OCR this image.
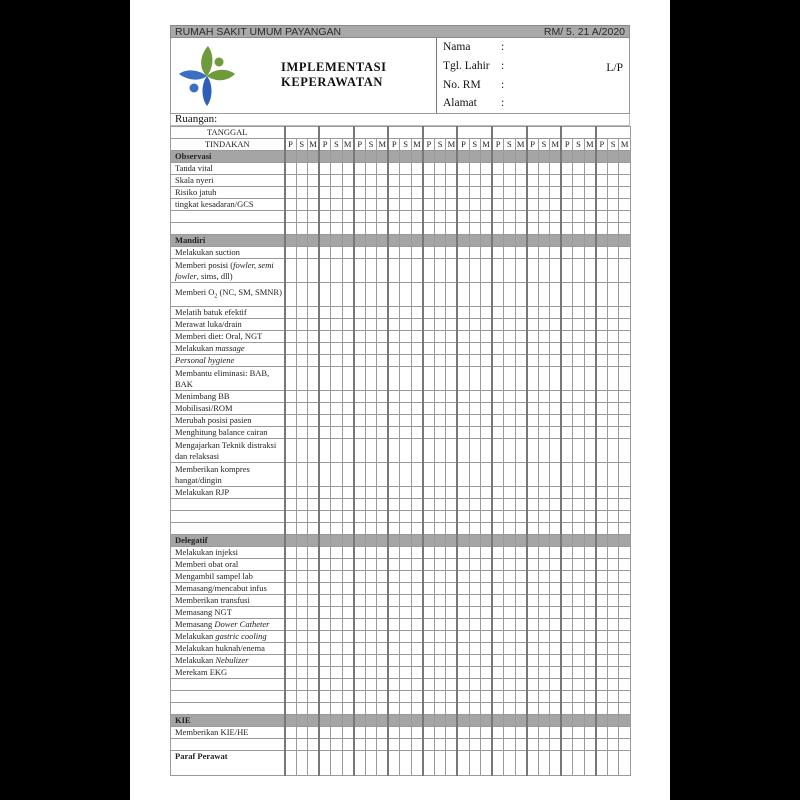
RUMAH SAKIT UMUM PAYANGAN	RM/ 5. 21 A/2020
IMPLEMENTASI
KEPERAWATAN
Nama	:
Tgl. Lahir :
No. RM :
Alamat :
L/P
Ruangan:
TANGGAL																														
TINDAKAN	P	S	M	P	S	M	P	S	M	P	S	M	P	S	M	P	S	M	P	S	M	P	S	M	P	S	M	P	S	M
Observasi																														
Tanda vital																														
Skala nyeri																														
Risiko jatuh																														
tingkat kesadaran/GCS																														

Mandiri																														
Melakukan suction																														
Memberi posisi (fowler, semi fowler, sims, dll)																														
Memberi $O_2$ (NC, SM, SMNR)																														
Melatih batuk efektif																														
Merawat luka/drain																														
Memberi diet: Oral, NGT																														
Melakukan massage																														
Personal hygiene																														
Membantu eliminasi: BAB, BAK																														
Menimbang BB																														
Mobilisasi/ROM																														
Merubah posisi pasien																														
Menghitung balance cairan																														
Mengajarkan Teknik distraksi dan relaksasi																														
Memberikan kompres hangat/dingin																														
Melakukan RJP																														

Delegatif																														
Melakukan injeksi																														
Memberi obat oral																														
Mengambil sampel lab																														
Memasang/mencabut infus																														
Memberikan transfusi																														
Memasang NGT																														
Memasang Dower Catheter																														
Melakukan gastric cooling																														
Melakukan huknah/enema																														
Melakukan Nebulizer																														
Merekam EKG																														

KIE																														
Memberikan KIE/HE																														

Paraf Perawat																														
